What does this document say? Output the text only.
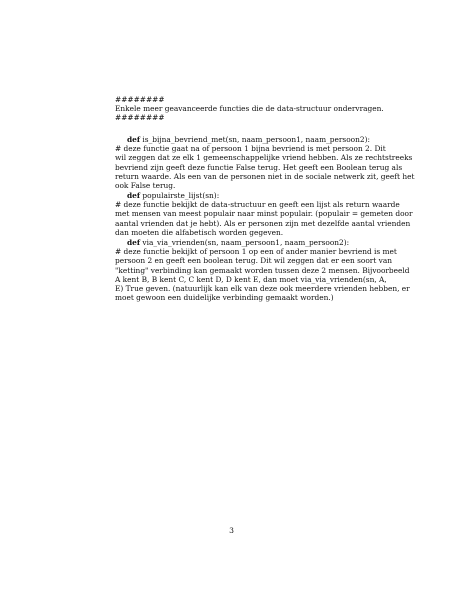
########
Enkele meer geavanceerde functies die de data-structuur ondervragen.
########
def is_bijna_bevriend_met(sn, naam_persoon1, naam_persoon2):
# deze functie gaat na of persoon 1 bijna bevriend is met persoon 2. Dit
wil zeggen dat ze elk 1 gemeenschappelijke vriend hebben. Als ze rechtstreeks
bevriend zijn geeft deze functie False terug. Het geeft een Boolean terug als
return waarde. Als een van de personen niet in de sociale netwerk zit, geeft het
ook False terug.
def populairste_lijst(sn):
# deze functie bekijkt de data-structuur en geeft een lijst als return waarde
met mensen van meest populair naar minst populair. (populair = gemeten door
aantal vrienden dat je hebt). Als er personen zijn met dezelfde aantal vrienden
dan moeten die alfabetisch worden gegeven.
def via_via_vrienden(sn, naam_persoon1, naam_persoon2):
# deze functie bekijkt of persoon 1 op een of ander manier bevriend is met
persoon 2 en geeft een boolean terug. Dit wil zeggen dat er een soort van
"ketting" verbinding kan gemaakt worden tussen deze 2 mensen. Bijvoorbeeld
A kent B, B kent C, C kent D, D kent E, dan moet via_via_vrienden(sn, A,
E) True geven. (natuurlijk kan elk van deze ook meerdere vrienden hebben, er
moet gewoon een duidelijke verbinding gemaakt worden.)
3
